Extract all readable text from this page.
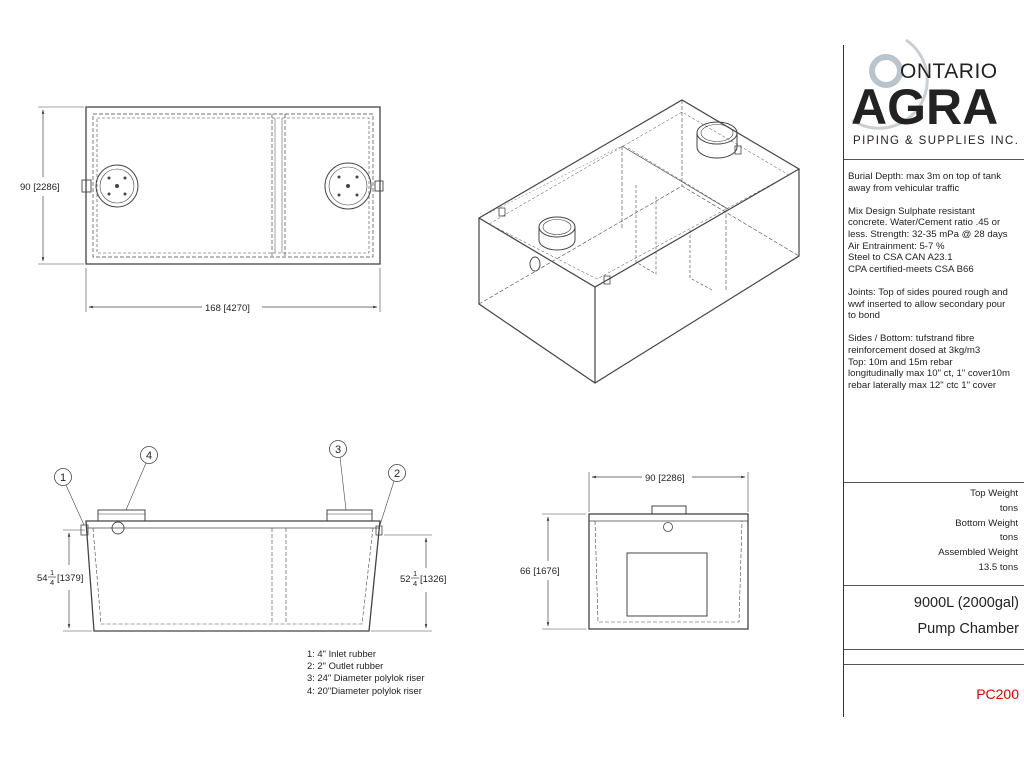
90 [2286]
168 [4270]
1
4	3
2
54
1
4 [1379]	52
1
4 [1326]
90 [2286]
66 [1676]
ONTARIO
AGRA
PIPING & SUPPLIES INC.

Burial Depth: max 3m on top of tank
away from vehicular traffic

Mix Design Sulphate resistant
concrete. Water/Cement ratio .45 or
less. Strength: 32-35 mPa @ 28 days
Air Entrainment: 5-7 %
Steel to CSA CAN A23.1
CPA certified-meets CSA B66

Joints: Top of sides poured rough and
wwf inserted to allow secondary pour
to bond

Sides / Bottom: tufstrand fibre
reinforcement dosed at 3kg/m3
Top: 10m and 15m rebar
longitudinally max 10" ct, 1" cover10m
rebar laterally max 12" ctc 1" cover

Top Weight
tons
Bottom Weight
tons
Assembled Weight
13.5 tons
9000L (2000gal)
Pump Chamber
PC200
1: 4" Inlet rubber
2: 2" Outlet rubber
3: 24" Diameter polylok riser
4: 20"Diameter polylok riser
